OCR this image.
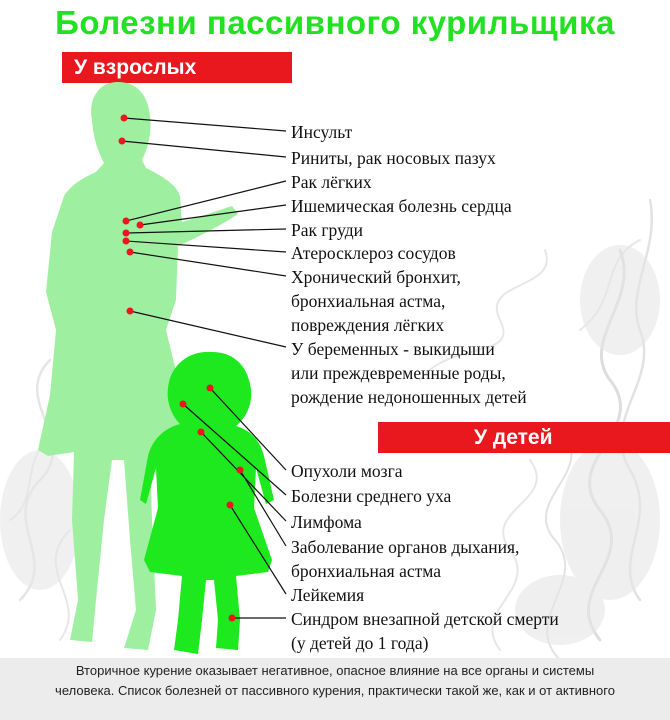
Болезни пассивного курильщика
У взрослых
Инсульт
Риниты, рак носовых пазух
Рак лёгких
Ишемическая болезнь сердца
Рак груди
Атеросклероз сосудов
Хронический бронхит,
бронхиальная астма,
повреждения лёгких
У беременных - выкидыши
или преждевременные роды,
рождение недоношенных детей
У детей
Опухоли мозга
Болезни среднего уха
Лимфома
Заболевание органов дыхания,
бронхиальная астма
Лейкемия
Синдром внезапной детской смерти
(у детей до 1 года)
Вторичное курение оказывает негативное, опасное влияние на все органы и системы
человека. Список болезней от пассивного курения, практически такой же, как и от активного
